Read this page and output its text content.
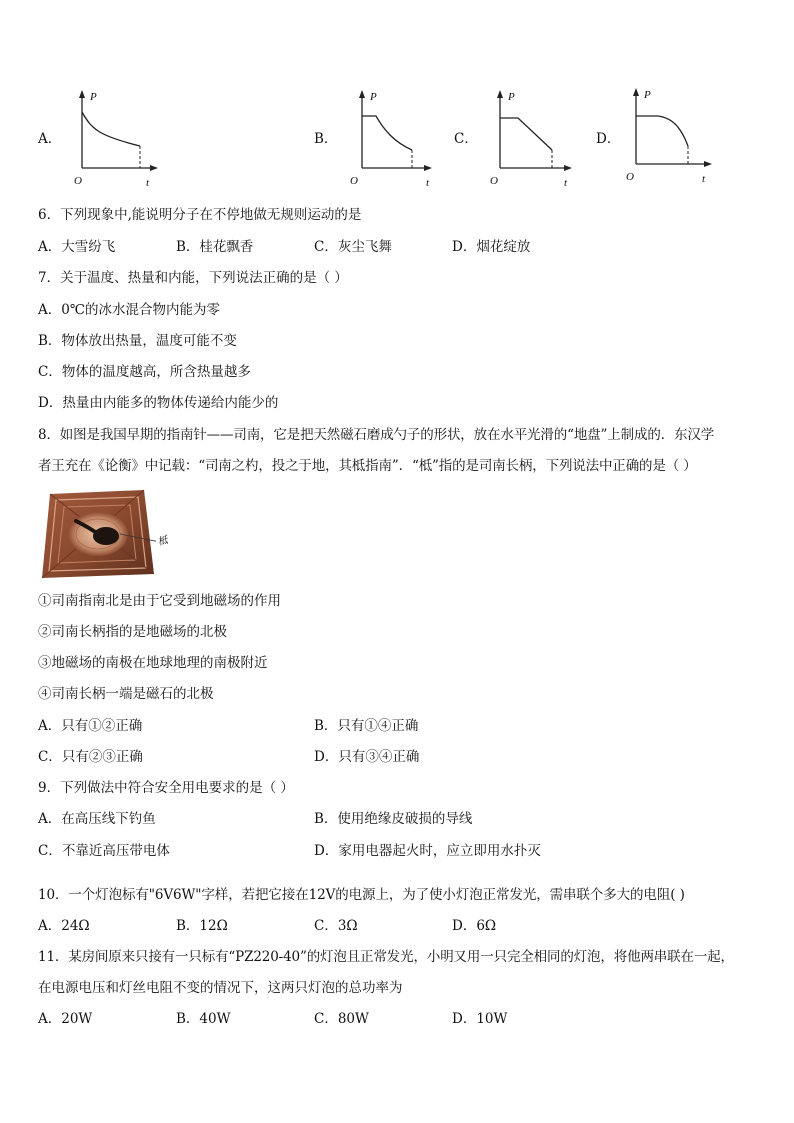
A．
P
O	t
B．
P
O	t
C．
P
O	t
D．
P
O	t
6．下列现象中,能说明分子在不停地做无规则运动的是
A．大雪纷飞	B．桂花飘香	C．灰尘飞舞	D．烟花绽放
7．关于温度、热量和内能，下列说法正确的是（ ）
A．0℃的冰水混合物内能为零
B．物体放出热量，温度可能不变
C．物体的温度越高，所含热量越多
D．热量由内能多的物体传递给内能少的
8．如图是我国早期的指南针——司南，它是把天然磁石磨成勺子的形状，放在水平光滑的“地盘”上制成的．东汉学
者王充在《论衡》中记载：“司南之杓，投之于地，其柢指南”．“柢”指的是司南长柄，下列说法中正确的是（ ）
柢
①司南指南北是由于它受到地磁场的作用
②司南长柄指的是地磁场的北极
③地磁场的南极在地球地理的南极附近
④司南长柄一端是磁石的北极
A．只有①②正确	B．只有①④正确
C．只有②③正确	D．只有③④正确
9．下列做法中符合安全用电要求的是（ ）
A．在高压线下钓鱼	B．使用绝缘皮破损的导线
C．不靠近高压带电体	D．家用电器起火时，应立即用水扑灭
10．一个灯泡标有"6V6W"字样，若把它接在12V的电源上，为了使小灯泡正常发光，需串联个多大的电阻( )
A．24Ω	B．12Ω	C．3Ω	D．6Ω
11．某房间原来只接有一只标有“PZ220-40”的灯泡且正常发光，小明又用一只完全相同的灯泡，将他两串联在一起，
在电源电压和灯丝电阻不变的情况下，这两只灯泡的总功率为
A．20W	B．40W	C．80W	D．10W
